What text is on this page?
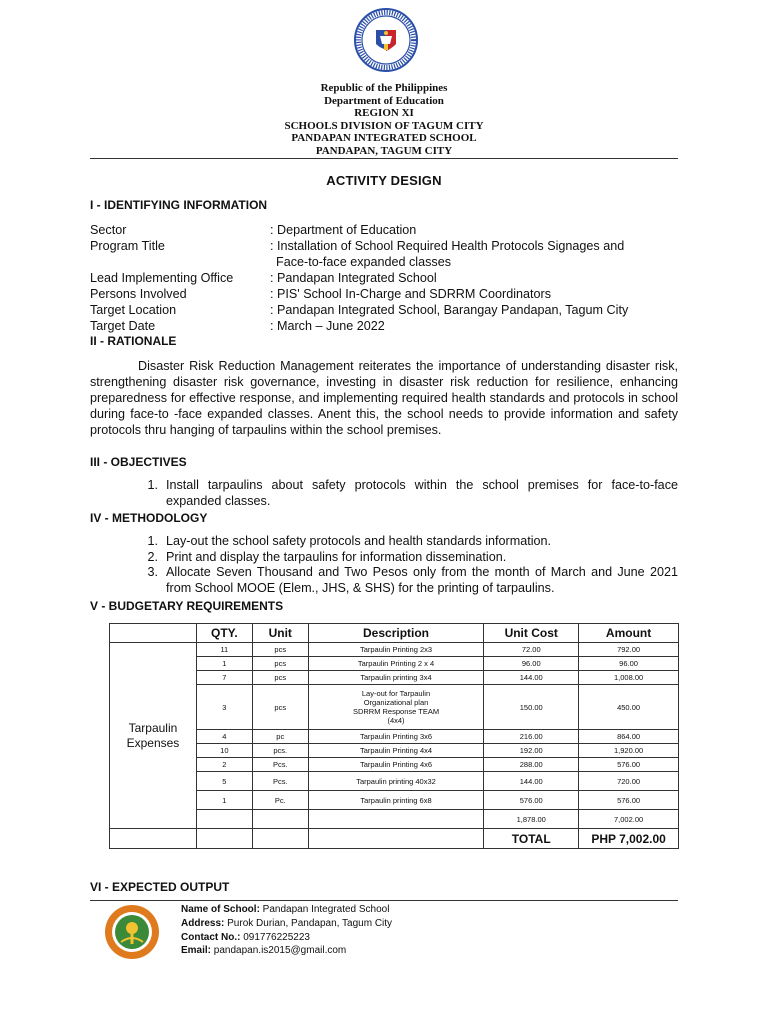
Republic of the Philippines
Department of Education
REGION XI
SCHOOLS DIVISION OF TAGUM CITY
PANDAPAN INTEGRATED SCHOOL
PANDAPAN, TAGUM CITY
ACTIVITY DESIGN
I - IDENTIFYING INFORMATION
Sector	: Department of Education
Program Title	: Installation of School Required Health Protocols Signages and
Face-to-face expanded classes
Lead Implementing Office	: Pandapan Integrated School
Persons Involved	: PIS' School In-Charge and SDRRM Coordinators
Target Location	: Pandapan Integrated School, Barangay Pandapan, Tagum City
Target Date	: March – June 2022
II - RATIONALE

Disaster Risk Reduction Management reiterates the importance of understanding disaster risk, strengthening disaster risk governance, investing in disaster risk reduction for resilience, enhancing preparedness for effective response, and implementing required health standards and protocols in school during face-to -face expanded classes. Anent this, the school needs to provide information and safety protocols thru hanging of tarpaulins within the school premises.

III - OBJECTIVES
1. Install tarpaulins about safety protocols within the school premises for face-to-face expanded classes.
IV - METHODOLOGY
1. Lay-out the school safety protocols and health standards information.
2. Print and display the tarpaulins for information dissemination.
3. Allocate Seven Thousand and Two Pesos only from the month of March and June 2021 from School MOOE (Elem., JHS, & SHS) for the printing of tarpaulins.
V - BUDGETARY REQUIREMENTS
	QTY.	Unit	Description	Unit Cost	Amount
Tarpaulin Expenses	11	pcs	Tarpaulin Printing 2x3	72.00	792.00
	1	pcs	Tarpaulin Printing 2 x 4	96.00	96.00
	7	pcs	Tarpaulin printing 3x4	144.00	1,008.00
	3	pcs	Lay-out for Tarpaulin
Organizational plan
SDRRM Response TEAM
(4x4)	150.00	450.00
	4	pc	Tarpaulin Printing 3x6	216.00	864.00
	10	pcs.	Tarpaulin Printing 4x4	192.00	1,920.00
	2	Pcs.	Tarpaulin Printing 4x6	288.00	576.00
	5	Pcs.	Tarpaulin printing 40x32	144.00	720.00
	1	Pc.	Tarpaulin printing 6x8	576.00	576.00
				1,878.00	7,002.00
				TOTAL	PHP 7,002.00
VI - EXPECTED OUTPUT
Name of School: Pandapan Integrated School
Address: Purok Durian, Pandapan, Tagum City
Contact No.: 091776225223
Email: pandapan.is2015@gmail.com
